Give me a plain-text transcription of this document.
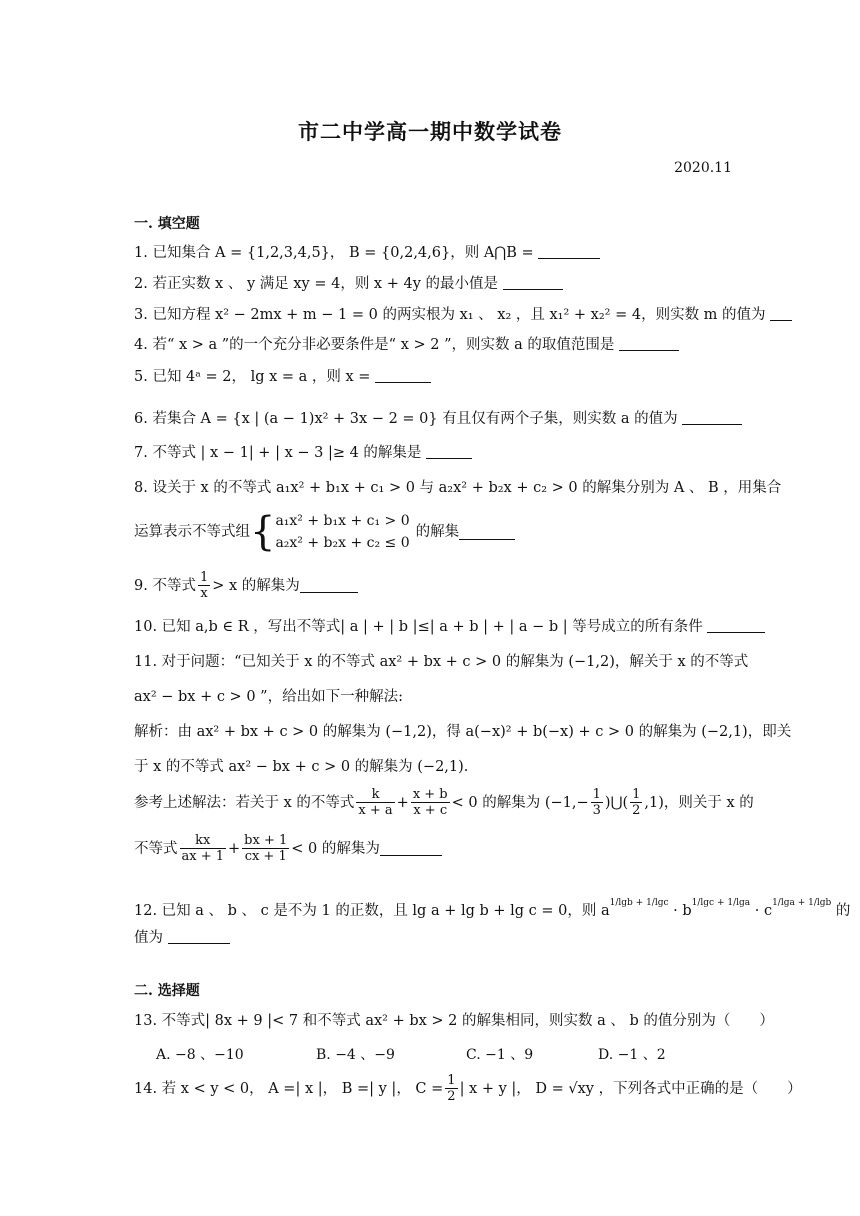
市二中学高一期中数学试卷
2020.11
一. 填空题
1. 已知集合 A = {1,2,3,4,5}， B = {0,2,4,6}，则 A⋂B =
2. 若正实数 x 、 y 满足 xy = 4，则 x + 4y 的最小值是
3. 已知方程 x² − 2mx + m − 1 = 0 的两实根为 x₁ 、 x₂ ，且 x₁² + x₂² = 4，则实数 m 的值为
4. 若“ x > a ”的一个充分非必要条件是“ x > 2 ”，则实数 a 的取值范围是
5. 已知 4ᵃ = 2， lg x = a ，则 x =
6. 若集合 A = {x | (a − 1)x² + 3x − 2 = 0} 有且仅有两个子集，则实数 a 的值为
7. 不等式 | x − 1| + | x − 3 |≥ 4 的解集是
8. 设关于 x 的不等式 a₁x² + b₁x + c₁ > 0 与 a₂x² + b₂x + c₂ > 0 的解集分别为 A 、 B ，用集合
运算表示不等式组 { a₁x² + b₁x + c₁ > 0
a₂x² + b₂x + c₂ ≤ 0
的解集
9. 不等式 $\frac{1}{x} > x$ 的解集为
10. 已知 a,b ∈ R ，写出不等式| a | + | b |≤| a + b | + | a − b | 等号成立的所有条件
11. 对于问题：“已知关于 x 的不等式 ax² + bx + c > 0 的解集为 (−1,2)，解关于 x 的不等式
ax² − bx + c > 0 ”，给出如下一种解法:
解析：由 ax² + bx + c > 0 的解集为 (−1,2)，得 a(−x)² + b(−x) + c > 0 的解集为 (−2,1)，即关
于 x 的不等式 ax² − bx + c > 0 的解集为 (−2,1).
参考上述解法：若关于 x 的不等式 $\frac{k}{x + a} + \frac{x + b}{x + c} < 0$ 的解集为 ($-1,- \frac{1}{3}$ )⋃( $\frac{1}{2} ,1$)，则关于 x 的
不等式 $\frac{kx}{ax + 1} + \frac{bx + 1}{cx + 1} < 0$ 的解集为
12. 已知 a 、 b 、 c 是不为 1 的正数，且 lg a + lg b + lg c = 0，则 $a^{1/lgb + 1/lgc} \cdot b^{1/lgc + 1/lga} \cdot c^{1/lga + 1/lgb}$ 的
值为
二. 选择题
13. 不等式| 8x + 9 |< 7 和不等式 ax² + bx > 2 的解集相同，则实数 a 、 b 的值分别为（　　）
A. −8 、−10	B. −4 、−9	C. −1 、9	D. −1 、2
14. 若 x < y < 0， A =| x |， B =| y |， $C = \frac{1}{2}$ | x + y |， D = √xy ，下列各式中正确的是（　　）
